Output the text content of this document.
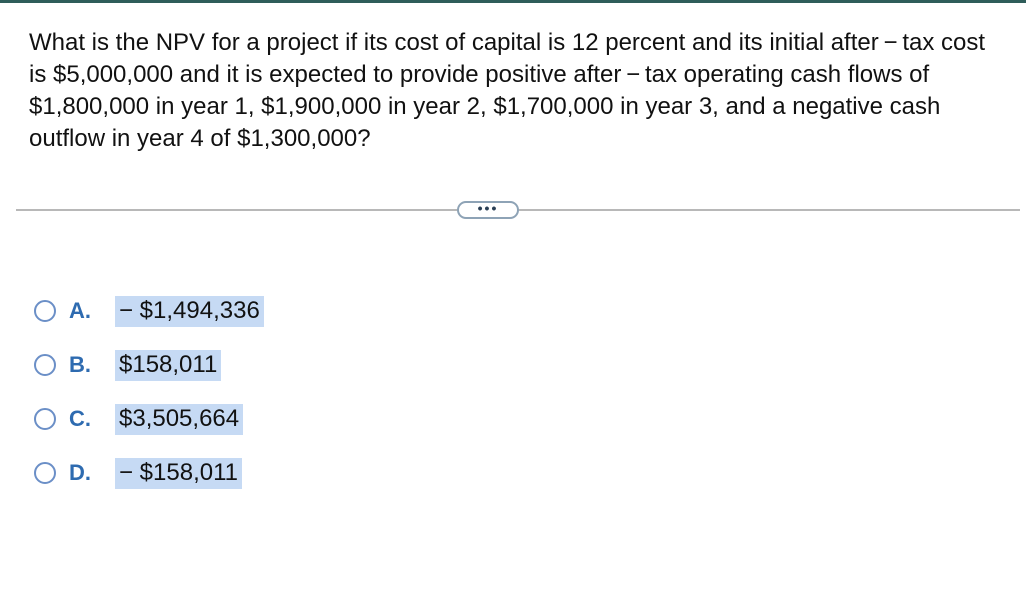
What is the NPV for a project if its cost of capital is 12 percent and its initial after − tax cost is $5,000,000 and it is expected to provide positive after − tax operating cash flows of $1,800,000 in year 1, $1,900,000 in year 2, $1,700,000 in year 3, and a negative cash outflow in year 4 of $1,300,000?

•••
A.	− $1,494,336
B.	$158,011
C.	$3,505,664
D.	− $158,011
